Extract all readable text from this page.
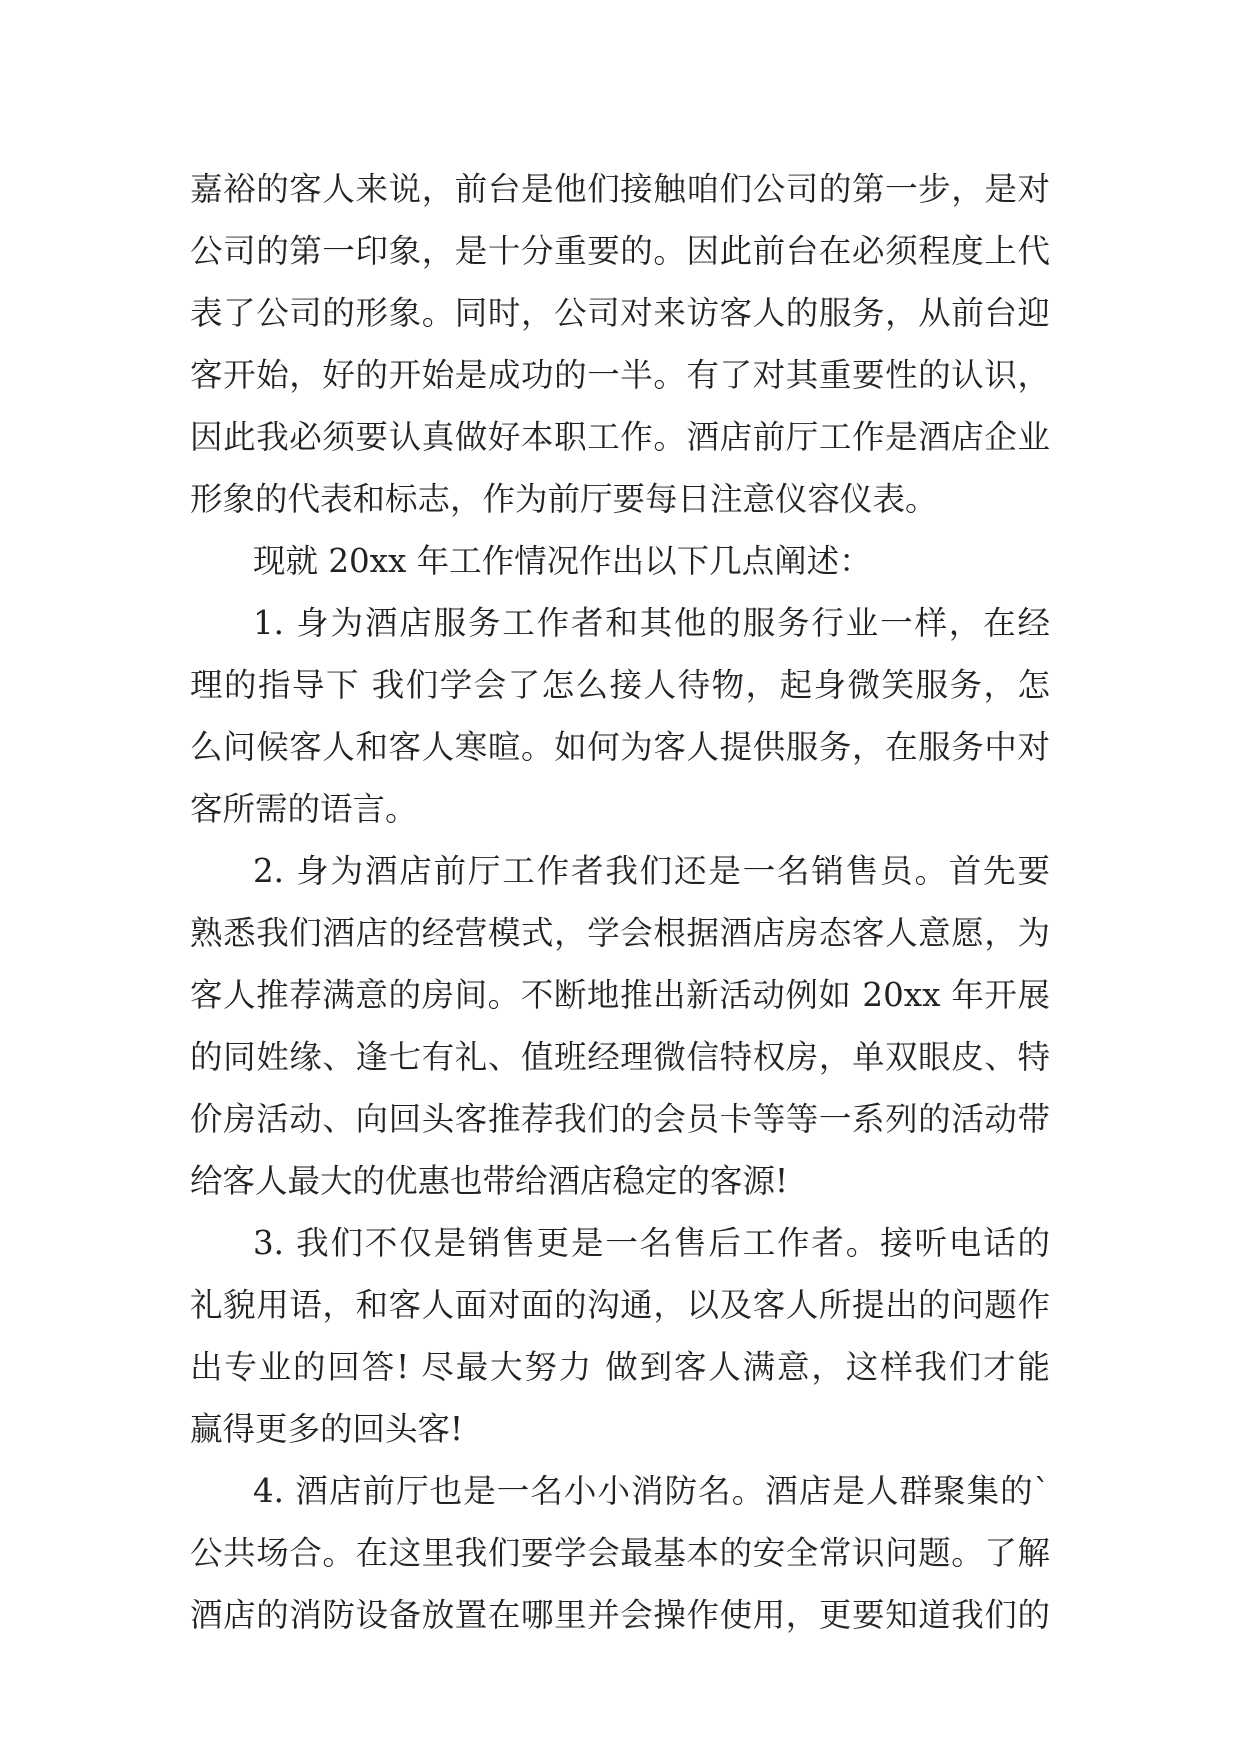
嘉裕的客人来说，前台是他们接触咱们公司的第一步，是对
公司的第一印象，是十分重要的。因此前台在必须程度上代
表了公司的形象。同时，公司对来访客人的服务，从前台迎
客开始，好的开始是成功的一半。有了对其重要性的认识，
因此我必须要认真做好本职工作。酒店前厅工作是酒店企业
形象的代表和标志，作为前厅要每日注意仪容仪表。
现就 20xx 年工作情况作出以下几点阐述：
1. 身为酒店服务工作者和其他的服务行业一样，在经
理的指导下 我们学会了怎么接人待物，起身微笑服务，怎
么问候客人和客人寒暄。如何为客人提供服务，在服务中对
客所需的语言。
2. 身为酒店前厅工作者我们还是一名销售员。首先要
熟悉我们酒店的经营模式，学会根据酒店房态客人意愿，为
客人推荐满意的房间。不断地推出新活动例如 20xx 年开展
的同姓缘、逢七有礼、值班经理微信特权房，单双眼皮、特
价房活动、向回头客推荐我们的会员卡等等一系列的活动带
给客人最大的优惠也带给酒店稳定的客源!
3. 我们不仅是销售更是一名售后工作者。接听电话的
礼貌用语，和客人面对面的沟通，以及客人所提出的问题作
出专业的回答! 尽最大努力 做到客人满意，这样我们才能
赢得更多的回头客!
4. 酒店前厅也是一名小小消防名。酒店是人群聚集的`
公共场合。在这里我们要学会最基本的安全常识问题。了解
酒店的消防设备放置在哪里并会操作使用，更要知道我们的
